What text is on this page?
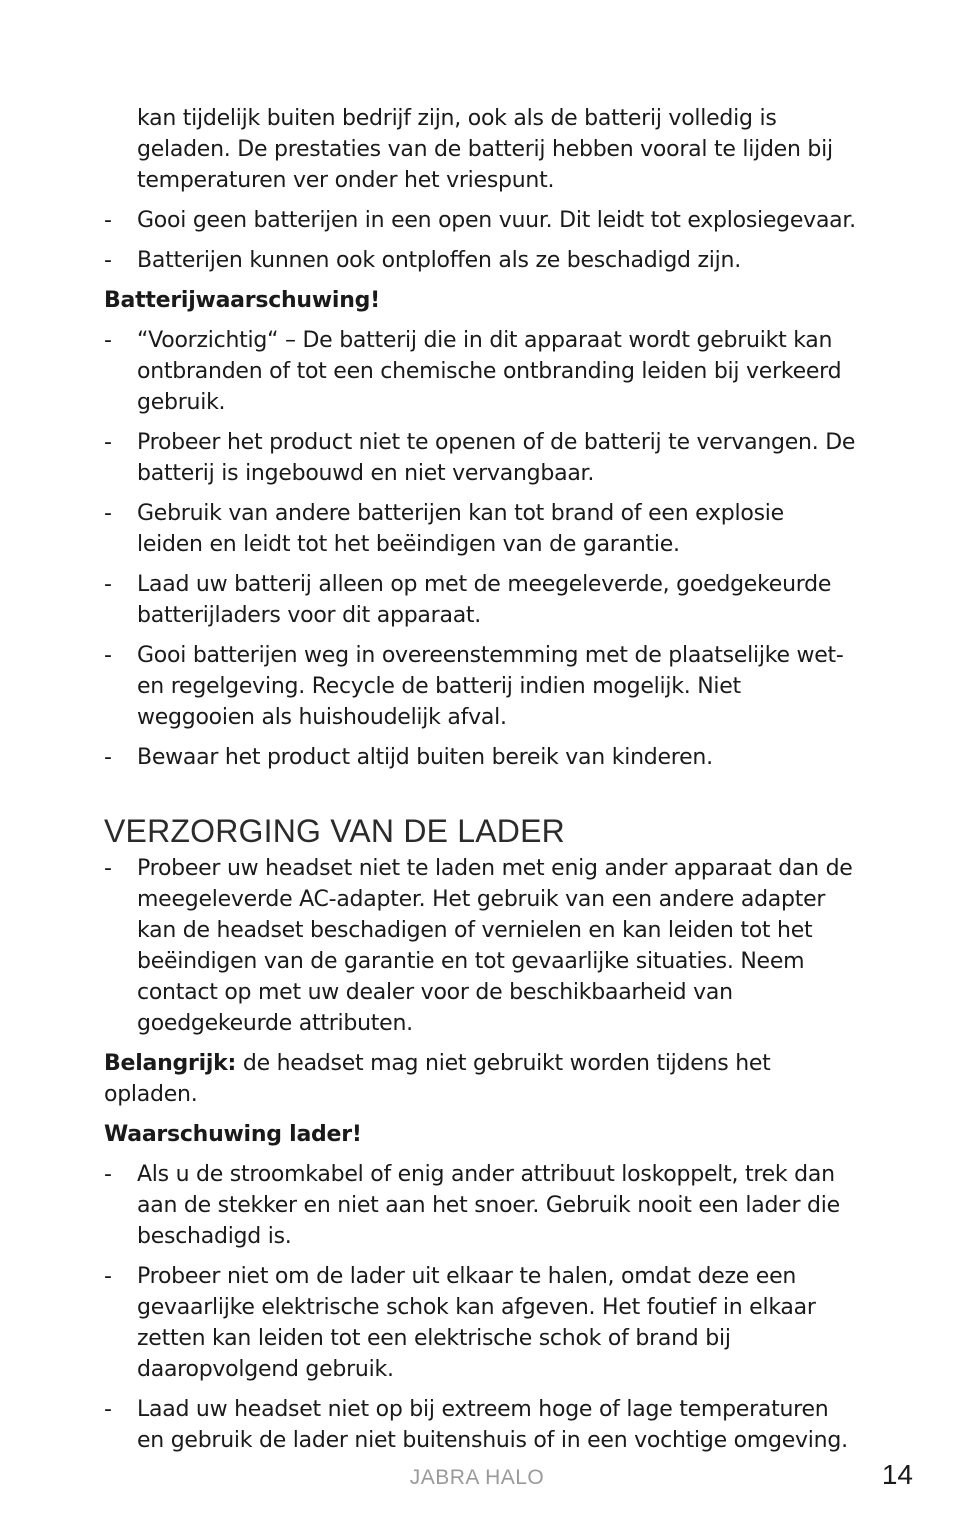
kan tijdelijk buiten bedrijf zijn, ook als de batterij volledig is geladen. De prestaties van de batterij hebben vooral te lijden bij temperaturen ver onder het vriespunt.
- Gooi geen batterijen in een open vuur. Dit leidt tot explosiegevaar.
- Batterijen kunnen ook ontploffen als ze beschadigd zijn.
Batterijwaarschuwing!
- “Voorzichtig“ – De batterij die in dit apparaat wordt gebruikt kan ontbranden of tot een chemische ontbranding leiden bij verkeerd gebruik.
- Probeer het product niet te openen of de batterij te vervangen. De batterij is ingebouwd en niet vervangbaar.
- Gebruik van andere batterijen kan tot brand of een explosie leiden en leidt tot het beëindigen van de garantie.
- Laad uw batterij alleen op met de meegeleverde, goedgekeurde batterijladers voor dit apparaat.
- Gooi batterijen weg in overeenstemming met de plaatselijke wet- en regelgeving. Recycle de batterij indien mogelijk. Niet weggooien als huishoudelijk afval.
- Bewaar het product altijd buiten bereik van kinderen.
VERZORGING VAN DE LADER
- Probeer uw headset niet te laden met enig ander apparaat dan de meegeleverde AC-adapter. Het gebruik van een andere adapter kan de headset beschadigen of vernielen en kan leiden tot het beëindigen van de garantie en tot gevaarlijke situaties. Neem contact op met uw dealer voor de beschikbaarheid van goedgekeurde attributen.
Belangrijk: de headset mag niet gebruikt worden tijdens het opladen.
Waarschuwing lader!
- Als u de stroomkabel of enig ander attribuut loskoppelt, trek dan aan de stekker en niet aan het snoer. Gebruik nooit een lader die beschadigd is.
- Probeer niet om de lader uit elkaar te halen, omdat deze een gevaarlijke elektrische schok kan afgeven. Het foutief in elkaar zetten kan leiden tot een elektrische schok of brand bij daaropvolgend gebruik.
- Laad uw headset niet op bij extreem hoge of lage temperaturen en gebruik de lader niet buitenshuis of in een vochtige omgeving.
JABRA HALO	14
